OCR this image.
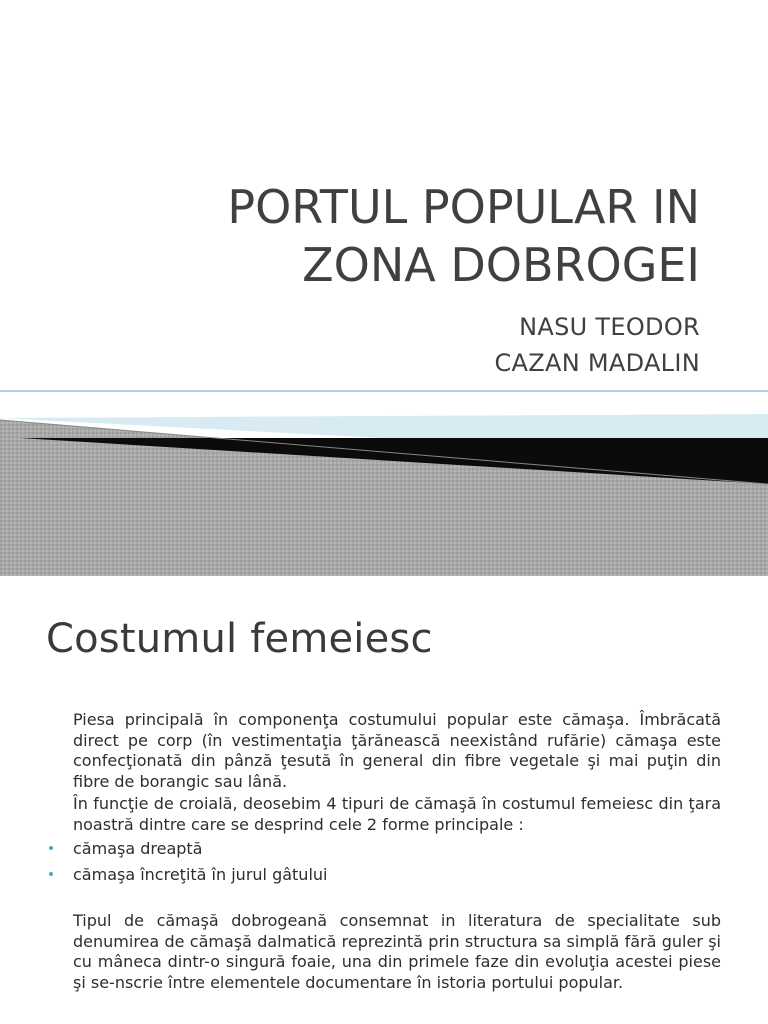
PORTUL POPULAR IN
ZONA DOBROGEI
NASU TEODOR
CAZAN MADALIN
Costumul femeiesc

Piesa principală în componenţa costumului popular este cămaşa. Îmbrăcată direct pe corp (în vestimentaţia ţărănească neexistând rufărie) cămaşa este confecţionată din pânză ţesută în general din fibre vegetale şi mai puţin din fibre de borangic sau lână.

În funcţie de croială, deosebim 4 tipuri de cămaşă în costumul femeiesc din ţara noastră dintre care se desprind cele 2 forme principale :

cămaşa dreaptă
cămaşa încreţită în jurul gâtului

Tipul de cămaşă dobrogeană consemnat in literatura de specialitate sub denumirea de cămaşă dalmatică reprezintă prin structura sa simplă fără guler şi cu mâneca dintr-o singură foaie, una din primele faze din evoluţia acestei piese şi se-nscrie între elementele documentare în istoria portului popular.
